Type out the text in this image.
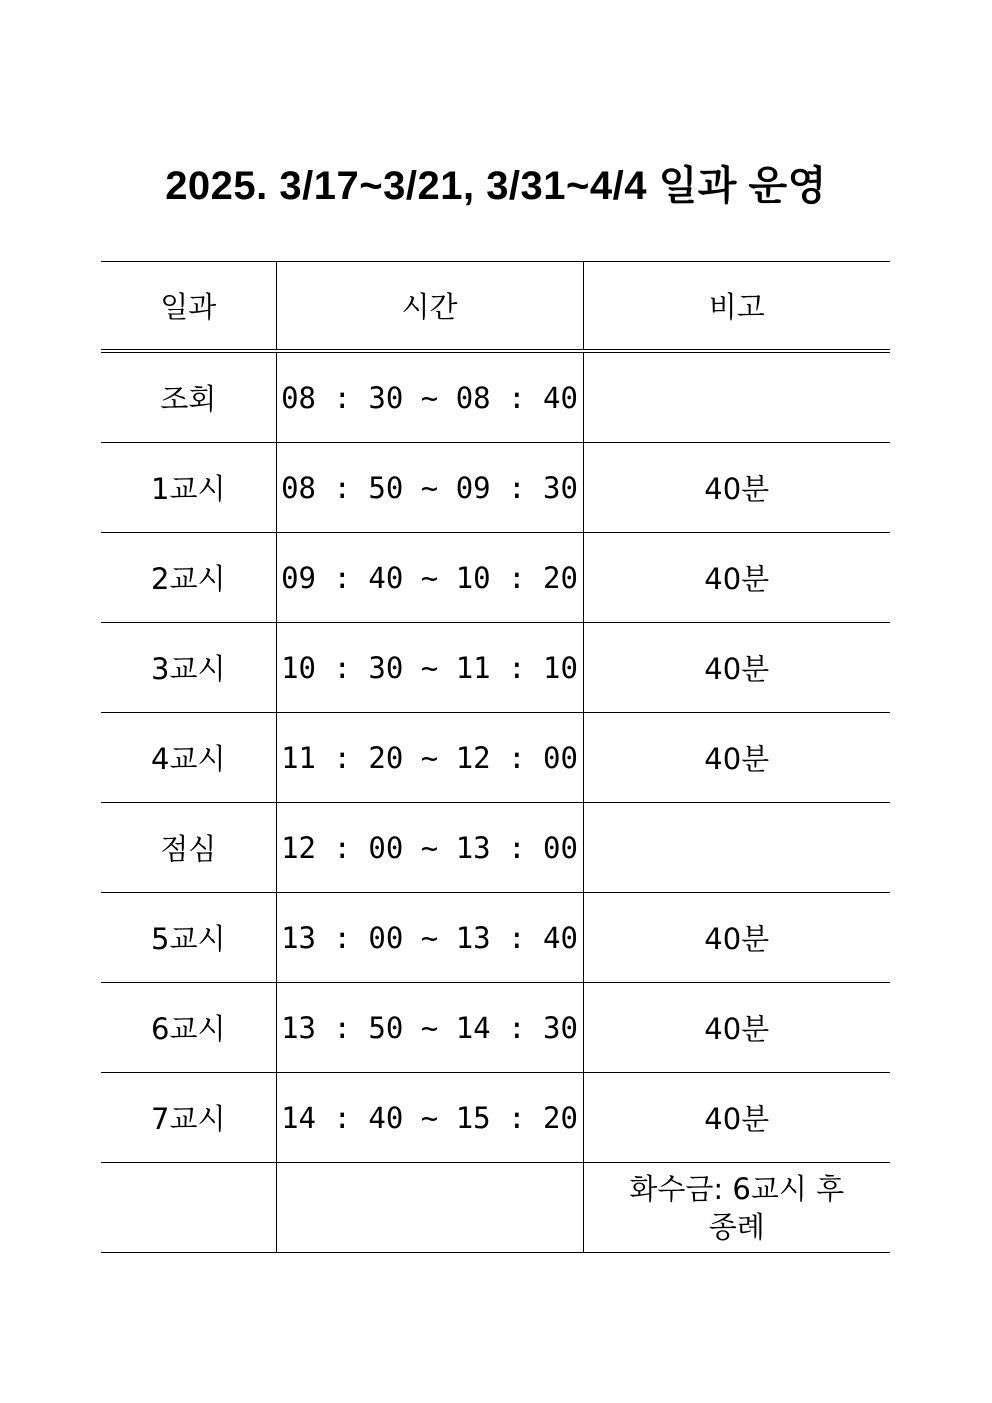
2025. 3/17~3/21, 3/31~4/4 일과 운영
일과	시간	비고
조회	08 : 30 ~ 08 : 40	
1교시	08 : 50 ~ 09 : 30	40분
2교시	09 : 40 ~ 10 : 20	40분
3교시	10 : 30 ~ 11 : 10	40분
4교시	11 : 20 ~ 12 : 00	40분
점심	12 : 00 ~ 13 : 00	
5교시	13 : 00 ~ 13 : 40	40분
6교시	13 : 50 ~ 14 : 30	40분
7교시	14 : 40 ~ 15 : 20	40분
		화수금: 6교시 후
종례
